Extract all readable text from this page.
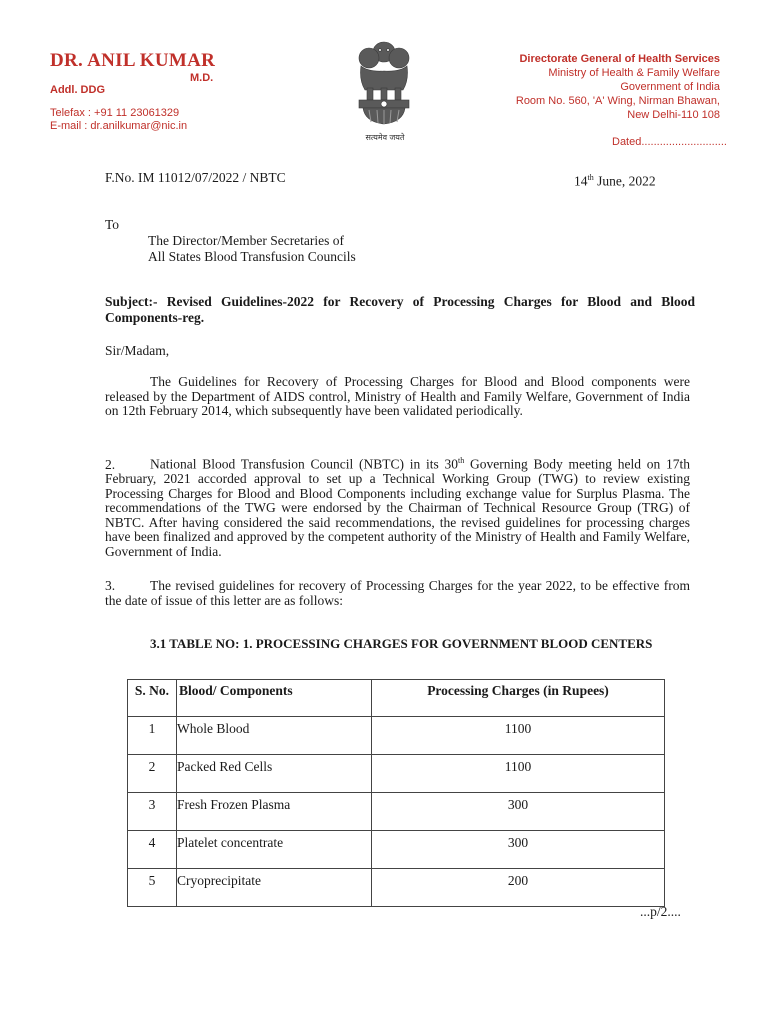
DR. ANIL KUMAR
M.D.
Addl. DDG
Telefax : +91 11 23061329
E-mail : dr.anilkumar@nic.in
सत्यमेव जयते
Directorate General of Health Services
Ministry of Health & Family Welfare
Government of India
Room No. 560, 'A' Wing, Nirman Bhawan,
New Delhi-110 108
Dated............................
F.No. IM 11012/07/2022 / NBTC	14th June, 2022
To
The Director/Member Secretaries of
All States Blood Transfusion Councils
Subject:- Revised Guidelines-2022 for Recovery of Processing Charges for Blood and Blood Components-reg.
Sir/Madam,
The Guidelines for Recovery of Processing Charges for Blood and Blood components were released by the Department of AIDS control, Ministry of Health and Family Welfare, Government of India on 12th February 2014, which subsequently have been validated periodically.
2.	National Blood Transfusion Council (NBTC) in its 30th Governing Body meeting held on 17th February, 2021 accorded approval to set up a Technical Working Group (TWG) to review existing Processing Charges for Blood and Blood Components including exchange value for Surplus Plasma. The recommendations of the TWG were endorsed by the Chairman of Technical Resource Group (TRG) of NBTC. After having considered the said recommendations, the revised guidelines for processing charges have been finalized and approved by the competent authority of the Ministry of Health and Family Welfare, Government of India.
3.	The revised guidelines for recovery of Processing Charges for the year 2022, to be effective from the date of issue of this letter are as follows:
3.1 TABLE NO: 1. PROCESSING CHARGES FOR GOVERNMENT BLOOD CENTERS
S. No.	Blood/ Components	Processing Charges (in Rupees)
1	Whole Blood	1100
2	Packed Red Cells	1100
3	Fresh Frozen Plasma	300
4	Platelet concentrate	300
5	Cryoprecipitate	200
...p/2....
